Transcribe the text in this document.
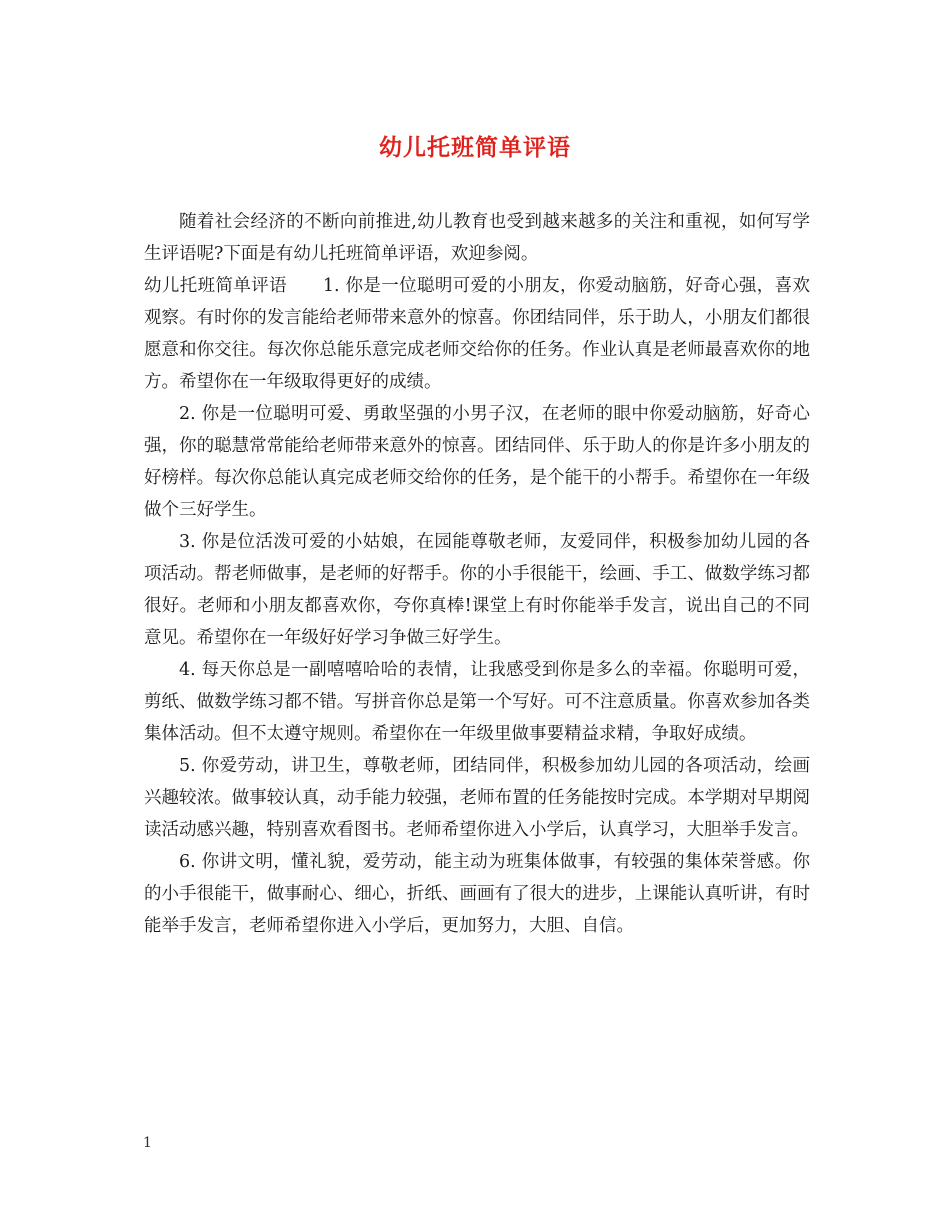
幼儿托班简单评语

随着社会经济的不断向前推进,幼儿教育也受到越来越多的关注和重视，如何写学生评语呢?下面是有幼儿托班简单评语，欢迎参阅。

幼儿托班简单评语　　1. 你是一位聪明可爱的小朋友，你爱动脑筋，好奇心强，喜欢观察。有时你的发言能给老师带来意外的惊喜。你团结同伴，乐于助人，小朋友们都很愿意和你交往。每次你总能乐意完成老师交给你的任务。作业认真是老师最喜欢你的地方。希望你在一年级取得更好的成绩。

2. 你是一位聪明可爱、勇敢坚强的小男子汉，在老师的眼中你爱动脑筋，好奇心强，你的聪慧常常能给老师带来意外的惊喜。团结同伴、乐于助人的你是许多小朋友的好榜样。每次你总能认真完成老师交给你的任务，是个能干的小帮手。希望你在一年级做个三好学生。

3. 你是位活泼可爱的小姑娘，在园能尊敬老师，友爱同伴，积极参加幼儿园的各项活动。帮老师做事，是老师的好帮手。你的小手很能干，绘画、手工、做数学练习都很好。老师和小朋友都喜欢你，夸你真棒!课堂上有时你能举手发言，说出自己的不同意见。希望你在一年级好好学习争做三好学生。

4. 每天你总是一副嘻嘻哈哈的表情，让我感受到你是多么的幸福。你聪明可爱，剪纸、做数学练习都不错。写拼音你总是第一个写好。可不注意质量。你喜欢参加各类集体活动。但不太遵守规则。希望你在一年级里做事要精益求精，争取好成绩。

5. 你爱劳动，讲卫生，尊敬老师，团结同伴，积极参加幼儿园的各项活动，绘画兴趣较浓。做事较认真，动手能力较强，老师布置的任务能按时完成。本学期对早期阅读活动感兴趣，特别喜欢看图书。老师希望你进入小学后，认真学习，大胆举手发言。

6. 你讲文明，懂礼貌，爱劳动，能主动为班集体做事，有较强的集体荣誉感。你的小手很能干，做事耐心、细心，折纸、画画有了很大的进步，上课能认真听讲，有时能举手发言，老师希望你进入小学后，更加努力，大胆、自信。

1
